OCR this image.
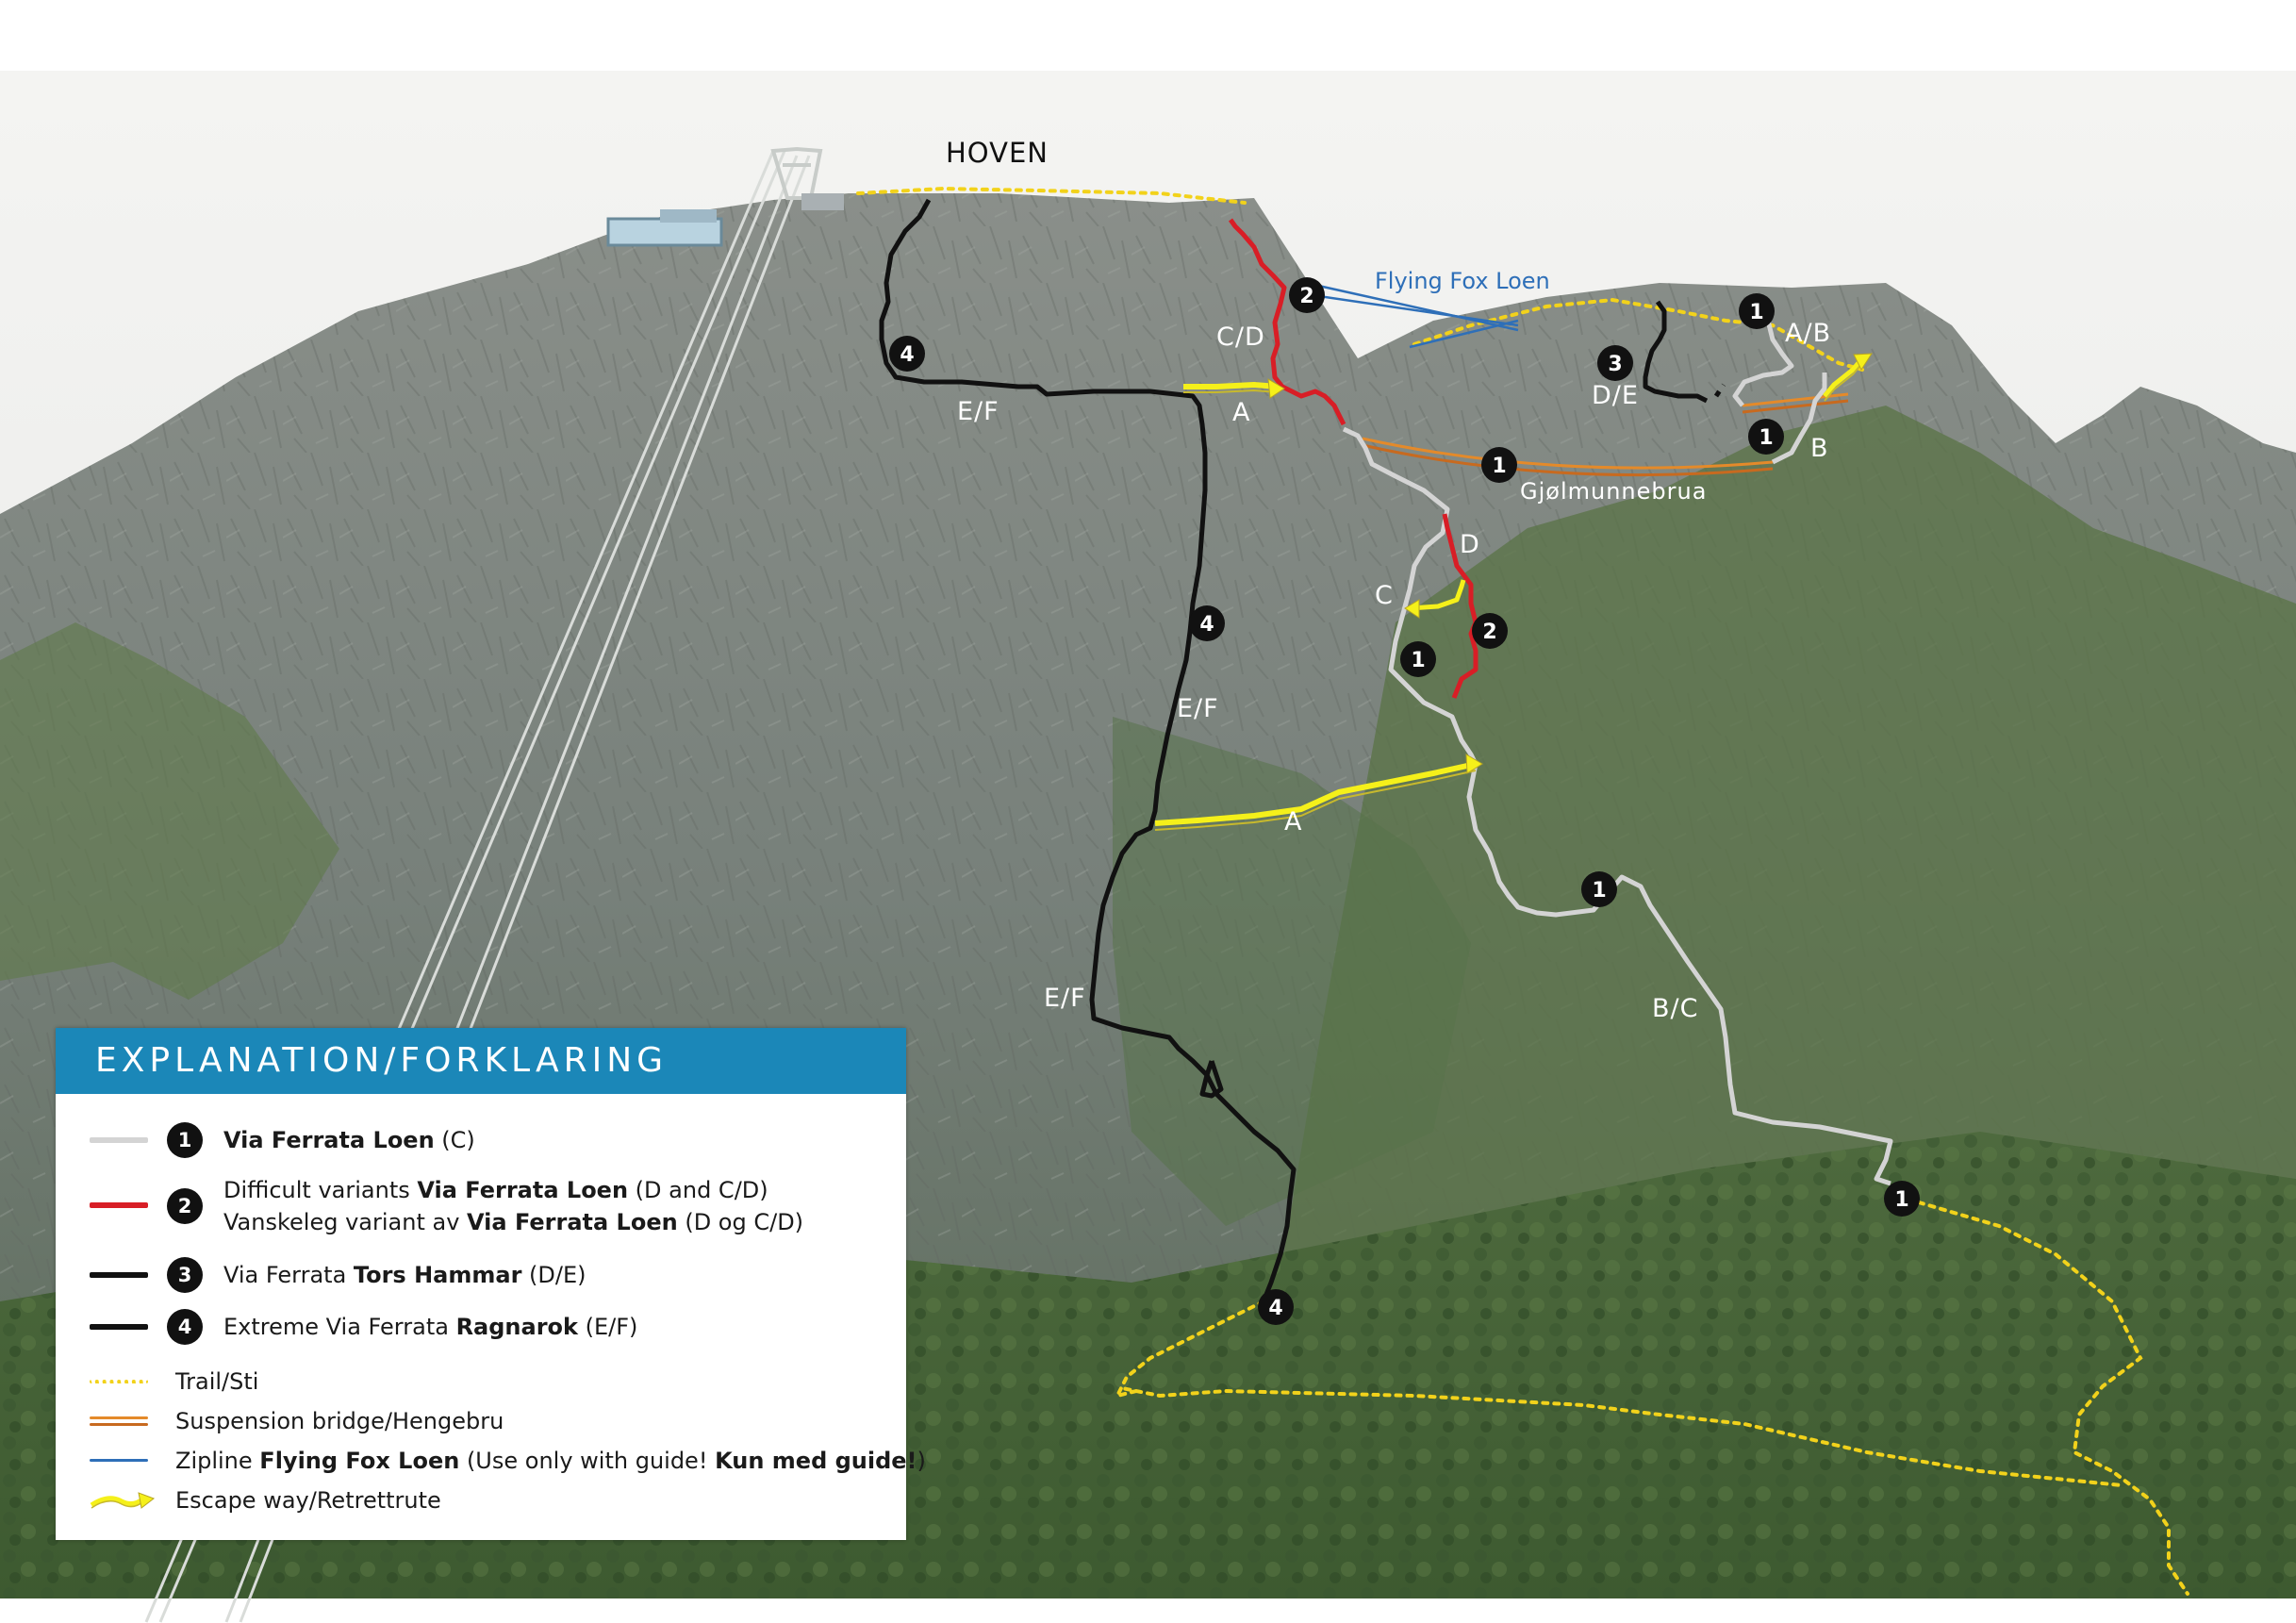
HOVEN
Flying Fox Loen
Gjølmunnebrua
C/D
E/F	A
D/E
A/B
B
D
C
E/F
A
B/C
E/F
4
2
1
3
1
1
2
1
4
1
1
4
EXPLANATION/FORKLARING
1	Via Ferrata Loen (C)
2
Difficult variants Via Ferrata Loen (D and C/D)
Vanskeleg variant av Via Ferrata Loen (D og C/D)
3	Via Ferrata Tors Hammar (D/E)
4	Extreme Via Ferrata Ragnarok (E/F)
Trail/Sti
Suspension bridge/Hengebru
Zipline Flying Fox Loen (Use only with guide! Kun med guide!)
Escape way/Retrettrute
